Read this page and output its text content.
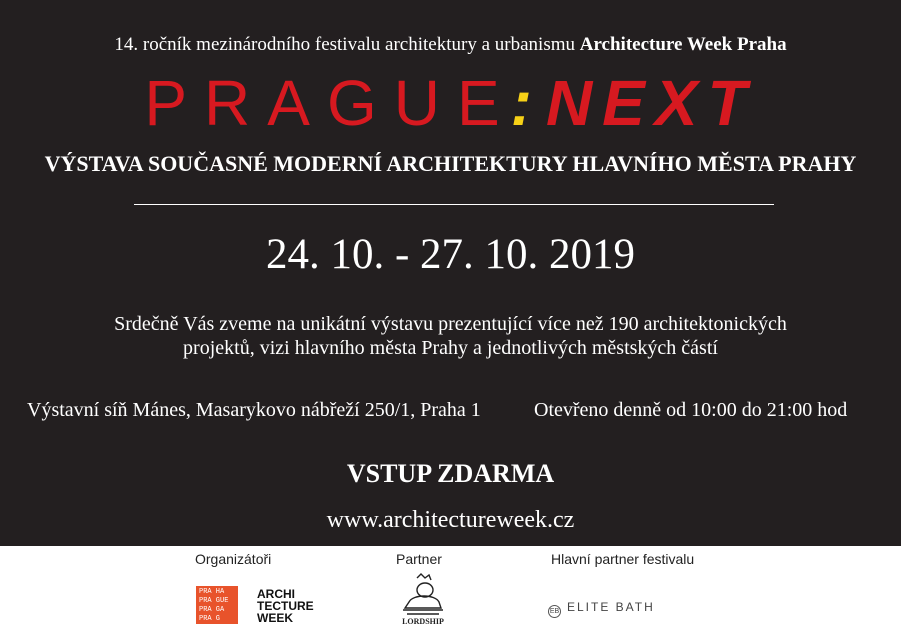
14. ročník mezinárodního festivalu architektury a urbanismu Architecture Week Praha
PRAGUE: NEXT
VÝSTAVA SOUČASNÉ MODERNÍ ARCHITEKTURY HLAVNÍHO MĚSTA PRAHY
24. 10. - 27. 10. 2019
Srdečně Vás zveme na unikátní výstavu prezentující více než 190 architektonických
projektů, vizi hlavního města Prahy a jednotlivých městských částí
Výstavní síň Mánes, Masarykovo nábřeží 250/1, Praha 1	Otevřeno denně od 10:00 do 21:00 hod
VSTUP ZDARMA
www.architectureweek.cz
Organizátoři	Partner	Hlavní partner festivalu
PRA HA
PRA GUE
PRA GA
PRA G
ARCHI
TECTURE
WEEK	LORDSHIP
EB ELITE BATH
